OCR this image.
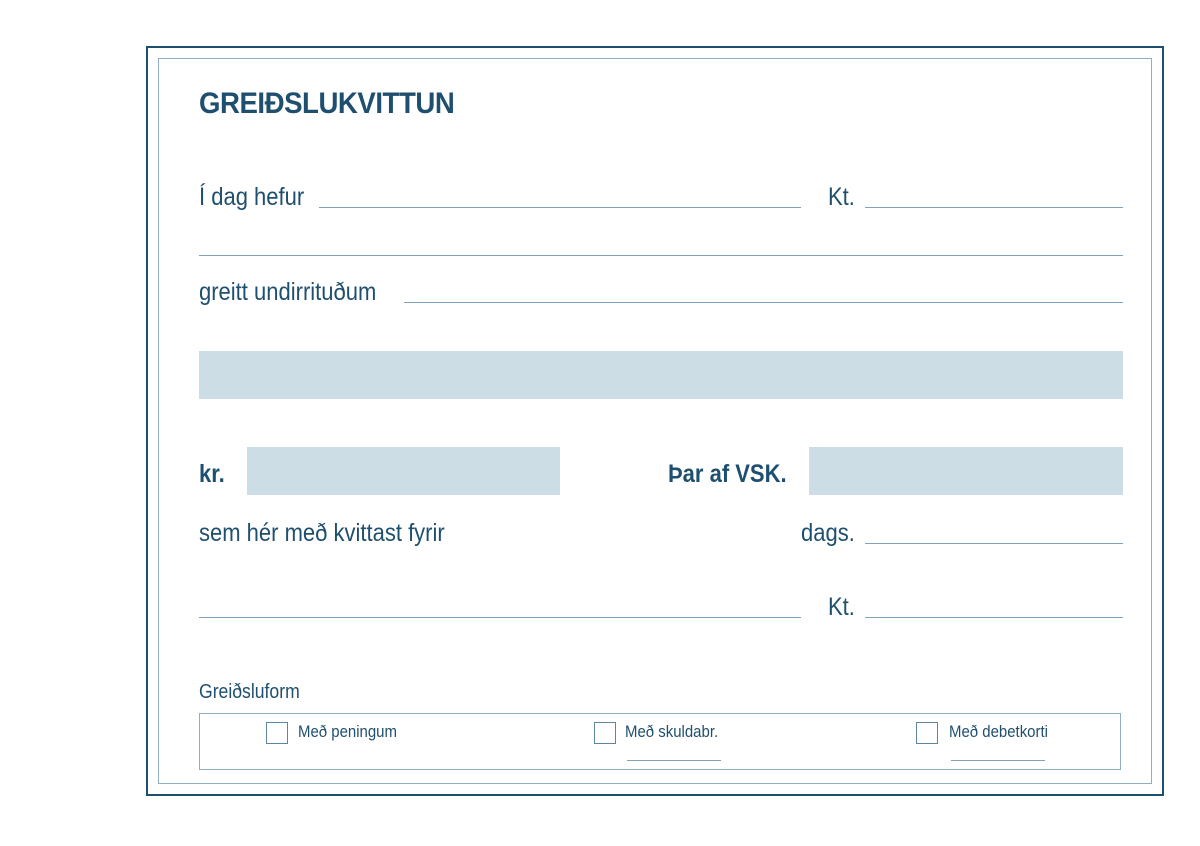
GREIÐSLUKVITTUN
Í dag hefur	Kt.
greitt undirrituðum
kr.	Þar af VSK.
sem hér með kvittast fyrir	dags.
Kt.
Greiðsluform
Með peningum	Með skuldabr.	Með debetkorti
